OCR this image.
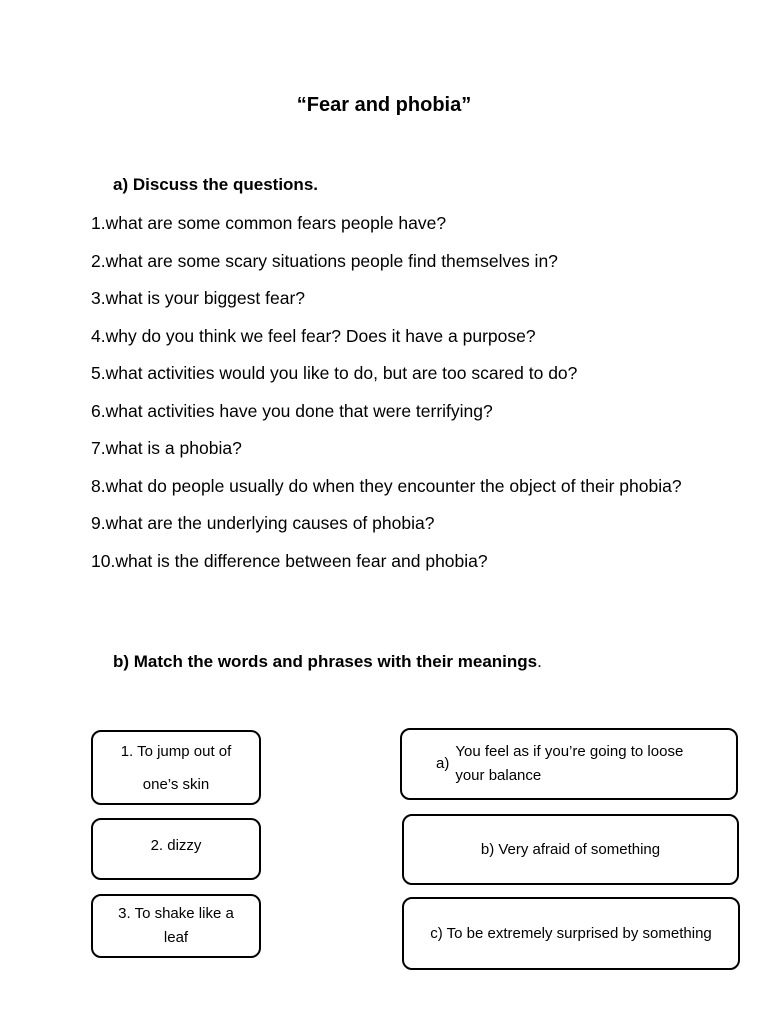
“Fear and phobia”
a) Discuss the questions.
1.what are some common fears people have?
2.what are some scary situations people find themselves in?
3.what is your biggest fear?
4.why do you think we feel fear? Does it have a purpose?
5.what activities would you like to do, but are too scared to do?
6.what activities have you done that were terrifying?
7.what is a phobia?
8.what do people usually do when they encounter the object of their phobia?
9.what are the underlying causes of phobia?
10.what is the difference between fear and phobia?
b) Match the words and phrases with their meanings.
1. To jump out of one’s skin
2. dizzy
3. To shake like a leaf
a)
You feel as if you’re going to loose your balance
b) Very afraid of something
c) To be extremely surprised by something
